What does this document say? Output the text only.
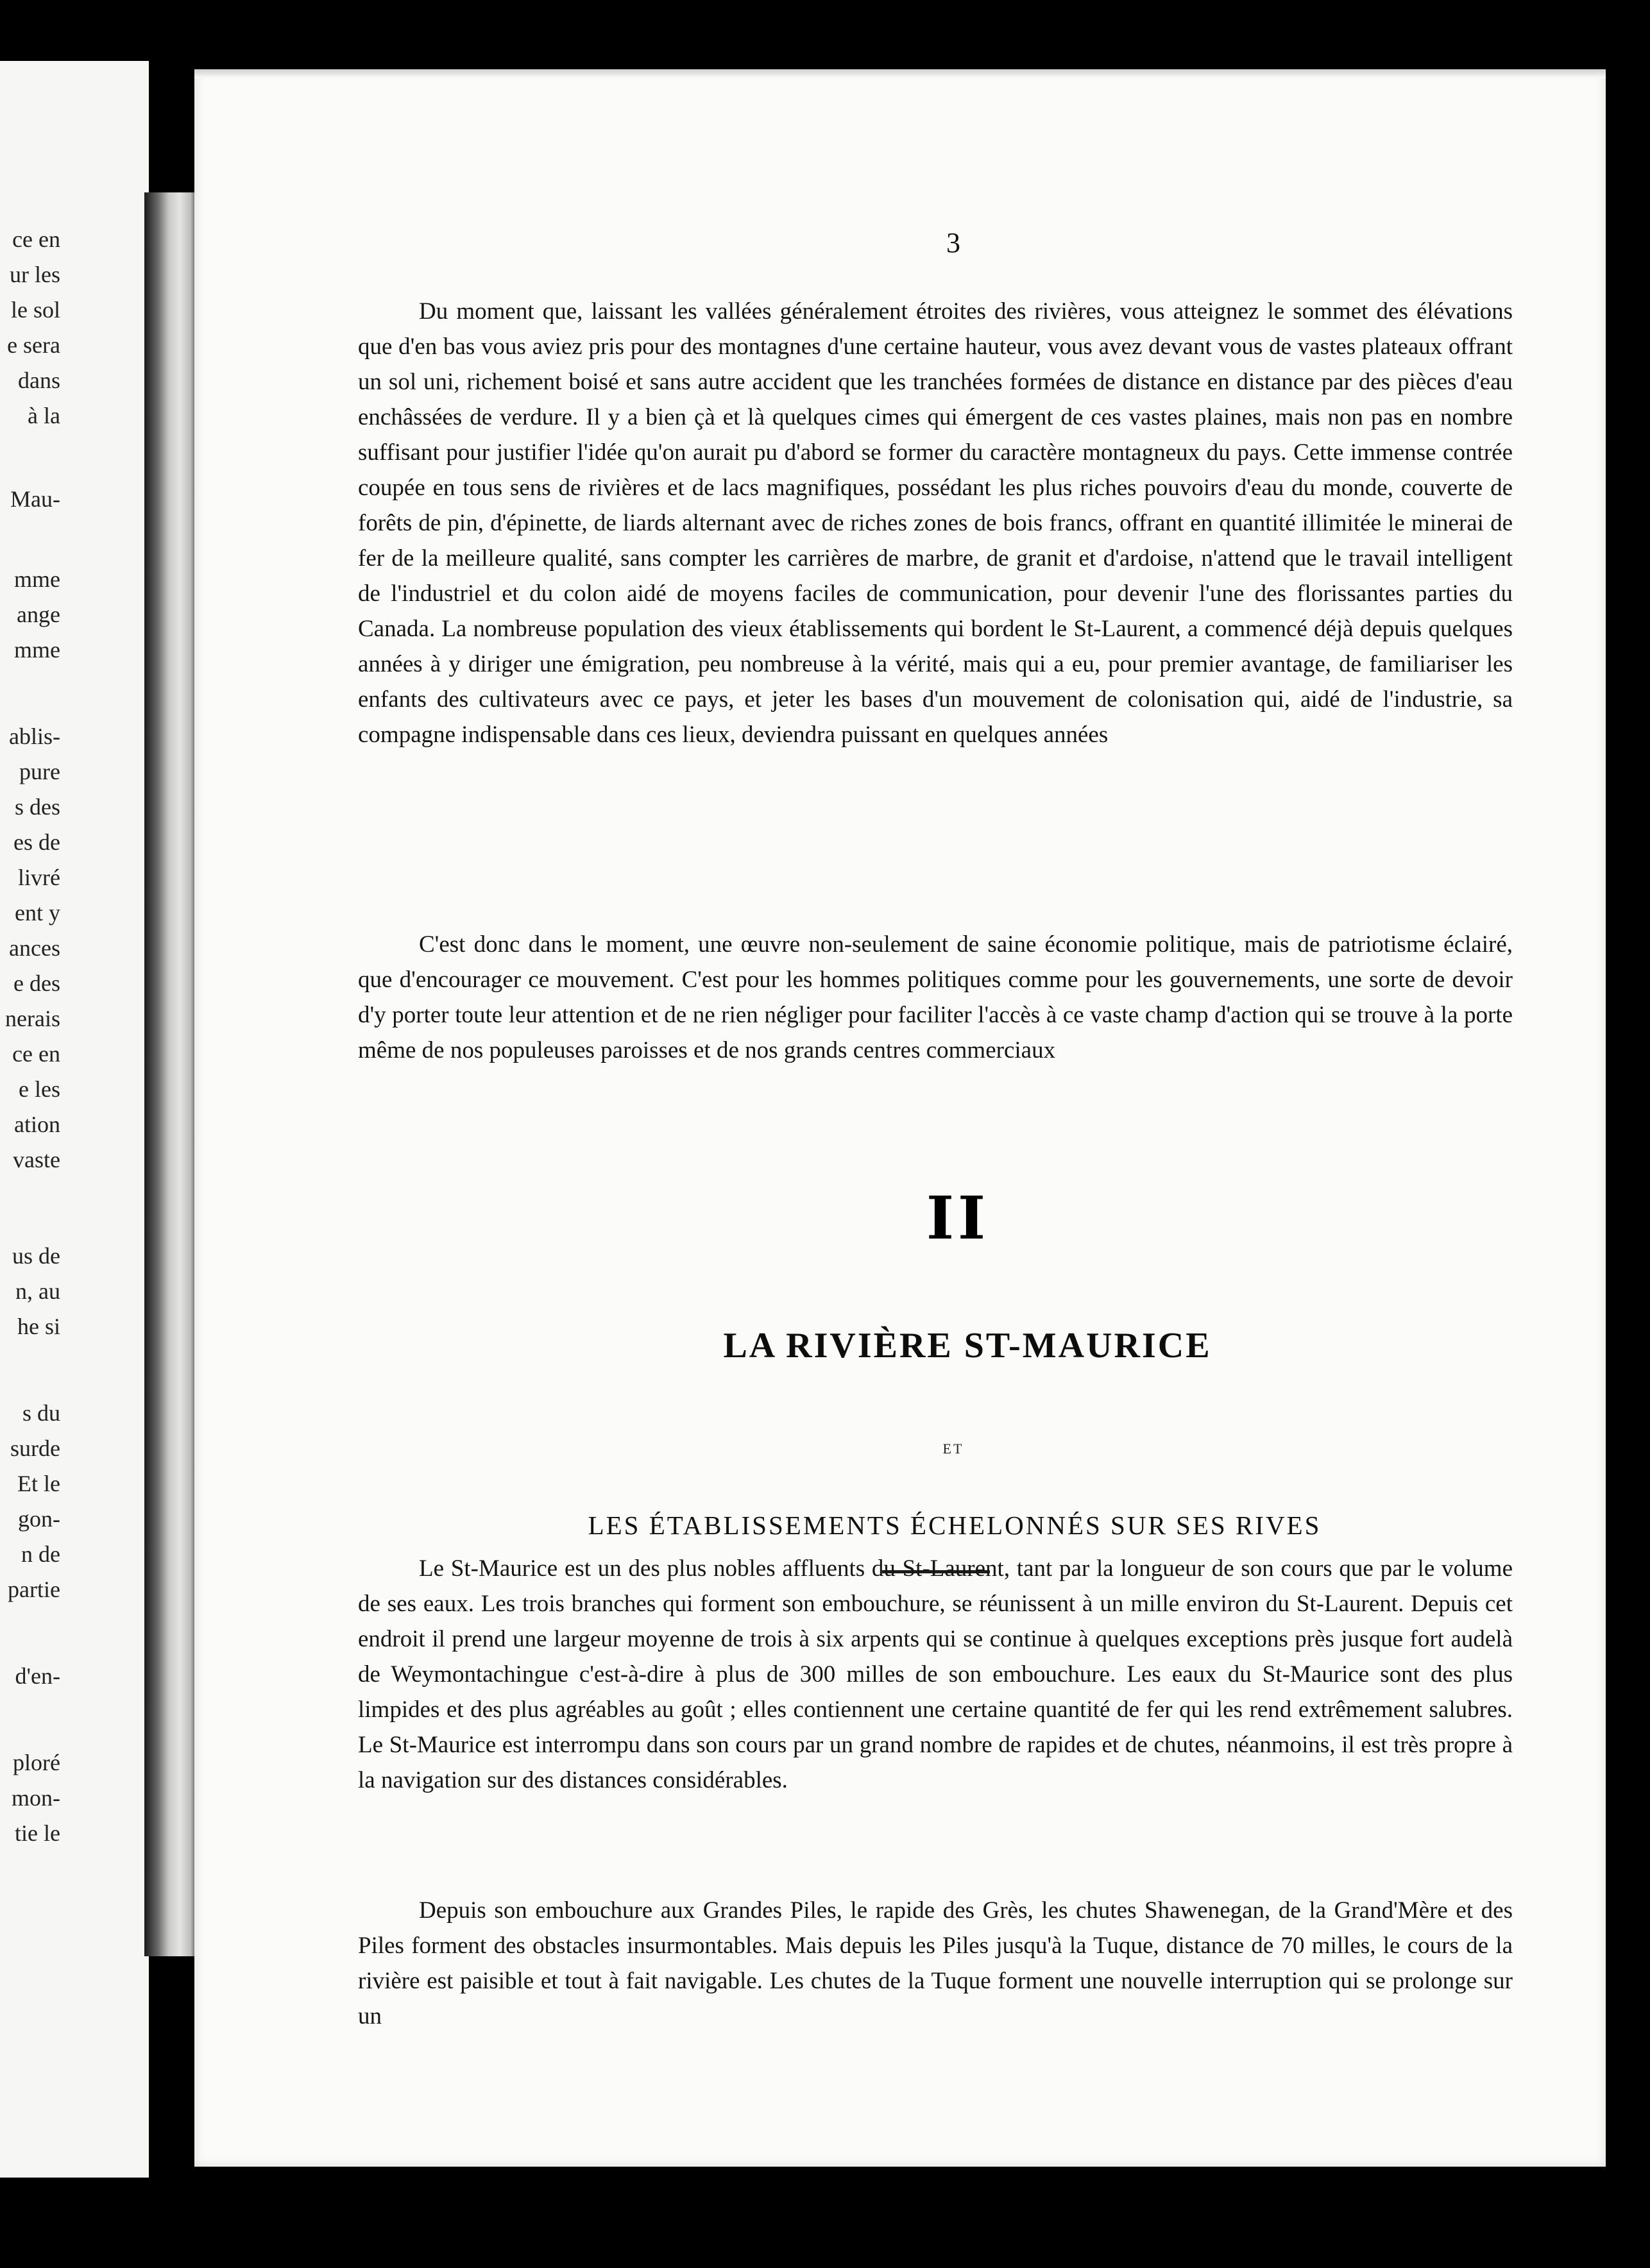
ce en
ur les
le sol
e sera
dans
à la
Mau-
mme
ange
mme
ablis-
pure
s des
es de
livré
ent y
ances
e des
nerais
ce en
e les
ation
vaste
us de
n, au
he si
s du
surde
Et le
gon-
n de
partie
d'en-
ploré
mon-
tie le
3

Du moment que, laissant les vallées généralement étroites des rivières, vous atteignez le sommet des élévations que d'en bas vous aviez pris pour des montagnes d'une certaine hauteur, vous avez devant vous de vastes plateaux offrant un sol uni, richement boisé et sans autre accident que les tranchées formées de distance en distance par des pièces d'eau enchâssées de verdure. Il y a bien çà et là quelques cimes qui émergent de ces vastes plaines, mais non pas en nombre suffisant pour justifier l'idée qu'on aurait pu d'abord se former du caractère montagneux du pays. Cette immense contrée coupée en tous sens de rivières et de lacs magnifiques, possédant les plus riches pouvoirs d'eau du monde, couverte de forêts de pin, d'épinette, de liards alternant avec de riches zones de bois francs, offrant en quantité illimitée le minerai de fer de la meilleure qualité, sans compter les carrières de marbre, de granit et d'ardoise, n'attend que le travail intelligent de l'industriel et du colon aidé de moyens faciles de communication, pour devenir l'une des florissantes parties du Canada. La nombreuse population des vieux établissements qui bordent le St-Laurent, a commencé déjà depuis quelques années à y diriger une émigration, peu nombreuse à la vérité, mais qui a eu, pour premier avantage, de familiariser les enfants des cultivateurs avec ce pays, et jeter les bases d'un mouvement de colonisation qui, aidé de l'industrie, sa compagne indispensable dans ces lieux, deviendra puissant en quelques années

C'est donc dans le moment, une œuvre non-seulement de saine économie politique, mais de patriotisme éclairé, que d'encourager ce mouvement. C'est pour les hommes politiques comme pour les gouvernements, une sorte de devoir d'y porter toute leur attention et de ne rien négliger pour faciliter l'accès à ce vaste champ d'action qui se trouve à la porte même de nos populeuses paroisses et de nos grands centres commerciaux

II
LA RIVIÈRE ST-MAURICE
ET
LES ÉTABLISSEMENTS ÉCHELONNÉS SUR SES RIVES

Le St-Maurice est un des plus nobles affluents du St-Laurent, tant par la longueur de son cours que par le volume de ses eaux. Les trois branches qui forment son embouchure, se réunissent à un mille environ du St-Laurent. Depuis cet endroit il prend une largeur moyenne de trois à six arpents qui se continue à quelques exceptions près jusque fort audelà de Weymontachingue c'est-à-dire à plus de 300 milles de son embouchure. Les eaux du St-Maurice sont des plus limpides et des plus agréables au goût ; elles contiennent une certaine quantité de fer qui les rend extrêmement salubres. Le St-Maurice est interrompu dans son cours par un grand nombre de rapides et de chutes, néanmoins, il est très propre à la navigation sur des distances considérables.

Depuis son embouchure aux Grandes Piles, le rapide des Grès, les chutes Shawenegan, de la Grand'Mère et des Piles forment des obstacles insurmontables. Mais depuis les Piles jusqu'à la Tuque, distance de 70 milles, le cours de la rivière est paisible et tout à fait navigable. Les chutes de la Tuque forment une nouvelle interruption qui se prolonge sur un
